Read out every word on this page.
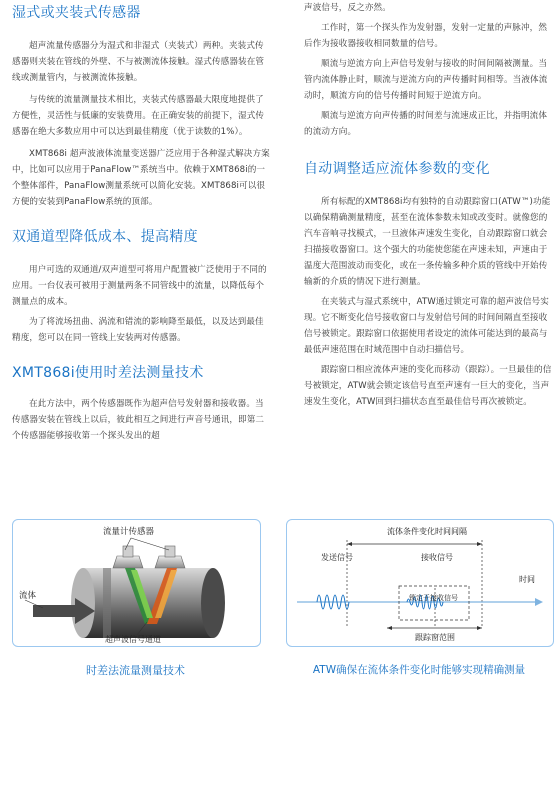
湿式或夹装式传感器

超声流量传感器分为湿式和非湿式（夹装式）两种。夹装式传感器则夹装在管线的外壁、不与被测流体接触。湿式传感器装在管线或测量管内，与被测流体接触。

与传统的流量测量技术相比，夹装式传感器最大限度地提供了方便性，灵活性与低廉的安装费用。在正确安装的前提下，湿式传感器在绝大多数应用中可以达到最佳精度（优于读数的1%）。

XMT868i 超声波液体流量变送器广泛应用于各种湿式解决方案中，比如可以应用于PanaFlow™系统当中。依赖于XMT868i的一个整体部件，PanaFlow测量系统可以简化安装。XMT868i可以很方便的安装到PanaFlow系统的顶部。

双通道型降低成本、提高精度

用户可选的双通道/双声道型可将用户配置被广泛使用于不同的应用。一台仪表可被用于测量两条不同管线中的流量，以降低每个测量点的成本。

为了将流场扭曲、涡流和错流的影响降至最低，以及达到最佳精度，您可以在同一管线上安装两对传感器。

XMT868i使用时差法测量技术

在此方法中，两个传感器既作为超声信号发射器和接收器。当传感器安装在管线上以后，彼此相互之间进行声音号通讯，即第二个传感器能够接收第一个探头发出的超

声波信号，反之亦然。

工作时，第一个探头作为发射器，发射一定量的声脉冲，然后作为接收器接收相同数量的信号。

顺流与逆流方向上声信号发射与接收的时间间隔被测量。当管内流体静止时，顺流与逆流方向的声传播时间相等。当液体流动时，顺流方向的信号传播时间短于逆流方向。

顺流与逆流方向声传播的时间差与流速成正比，并指明流体的流动方向。

自动调整适应流体参数的变化

所有标配的XMT868i均有独特的自动跟踪窗口(ATW™)功能以确保精确测量精度，甚至在流体参数未知或改变时。就像您的汽车音响寻找模式，一旦液体声速发生变化，自动跟踪窗口就会扫描接收器窗口。这个强大的功能使您能在声速未知，声速由于温度大范围波动而变化，或在一条传输多种介质的管线中开始传输新的介质的情况下进行测量。

在夹装式与湿式系统中，ATW通过锁定可靠的超声波信号实现。它不断变化信号接收窗口与发射信号间的时间间隔直至接收信号被锁定。跟踪窗口依据使用者设定的流体可能达到的最高与最低声速范围在时域范围中自动扫描信号。

跟踪窗口相应流体声速的变化而移动（跟踪）。一旦最佳的信号被锁定，ATW就会锁定该信号直至声速有一巨大的变化，当声速发生变化，ATW回到扫描状态直至最佳信号再次被锁定。

流量计传感器
流体
超声波信号通道
时差法流量测量技术
流体条件变化时间间隔
发送信号	接收信号
时间
锁定于接收信号
跟踪窗范围
ATW确保在流体条件变化时能够实现精确测量
